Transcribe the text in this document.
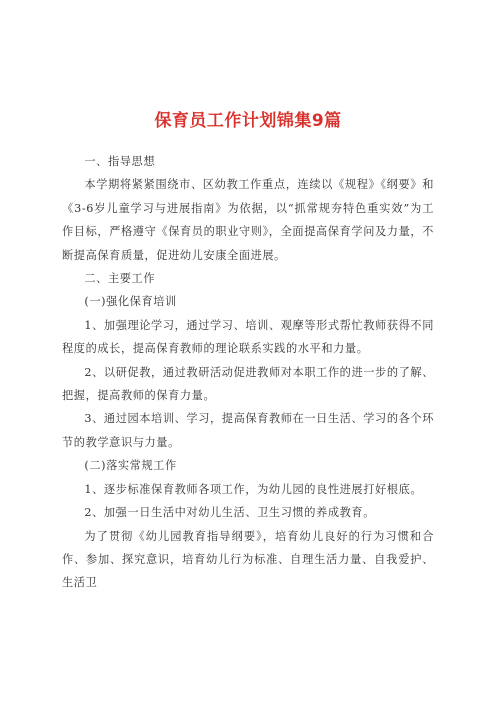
保育员工作计划锦集9篇

一、指导思想

本学期将紧紧围绕市、区幼教工作重点，连续以《规程》《纲要》和《3-6岁儿童学习与进展指南》为依据，以“抓常规夯特色重实效”为工作目标，严格遵守《保育员的职业守则》，全面提高保育学问及力量，不断提高保育质量，促进幼儿安康全面进展。

二、主要工作

(一)强化保育培训

1、加强理论学习，通过学习、培训、观摩等形式帮忙教师获得不同程度的成长，提高保育教师的理论联系实践的水平和力量。

2、以研促教，通过教研活动促进教师对本职工作的进一步的了解、把握，提高教师的保育力量。

3、通过园本培训、学习，提高保育教师在一日生活、学习的各个环节的教学意识与力量。

(二)落实常规工作

1、逐步标准保育教师各项工作，为幼儿园的良性进展打好根底。

2、加强一日生活中对幼儿生活、卫生习惯的养成教育。

为了贯彻《幼儿园教育指导纲要》，培育幼儿良好的行为习惯和合作、参加、探究意识，培育幼儿行为标准、自理生活力量、自我爱护、生活卫
